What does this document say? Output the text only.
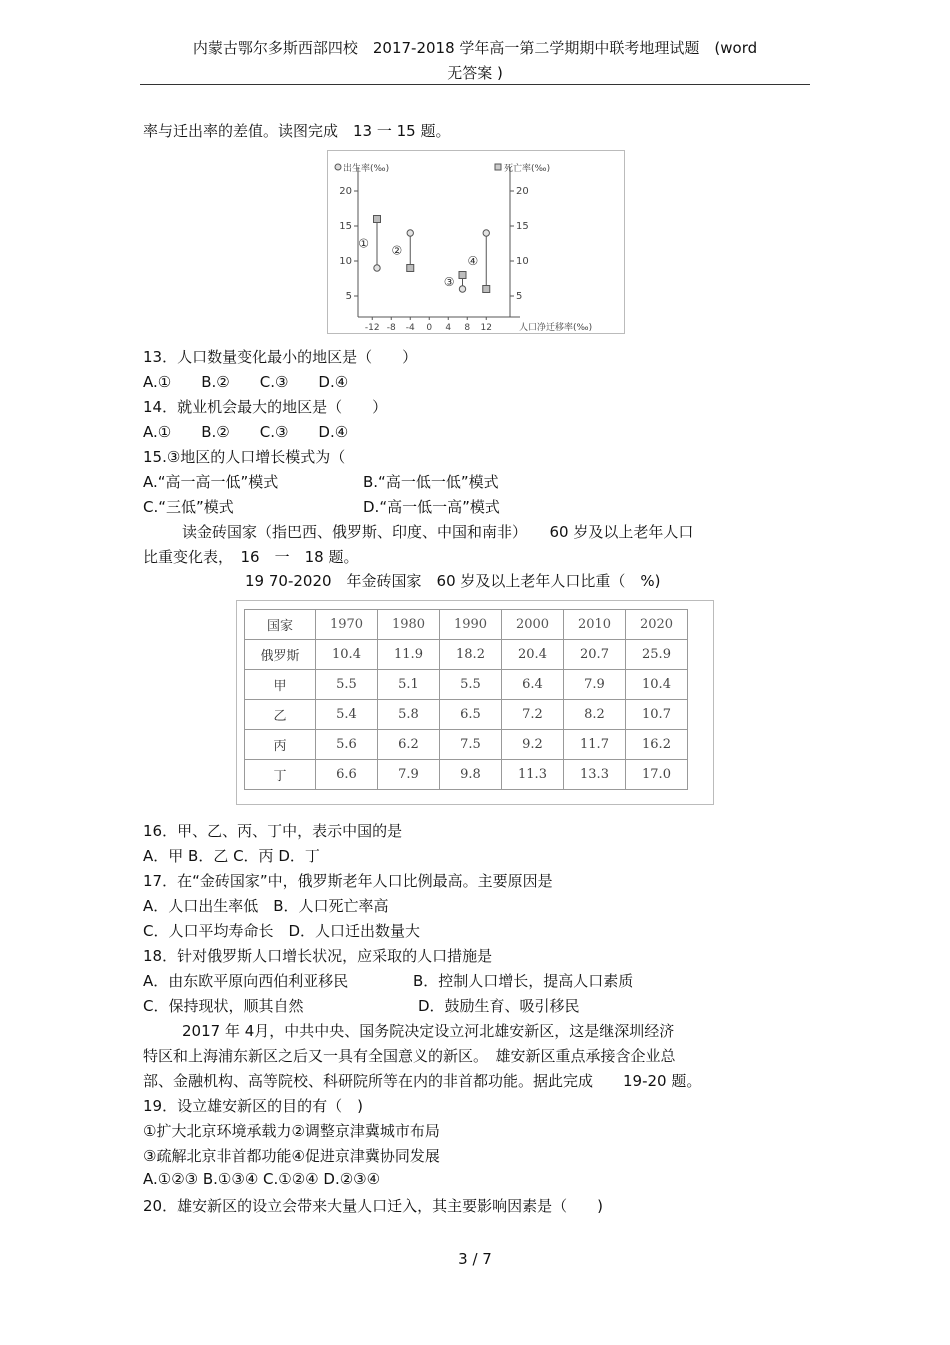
内蒙古鄂尔多斯西部四校　2017-2018 学年高一第二学期期中联考地理试题　(word
无答案 )
率与迁出率的差值。读图完成　13 一 15 题。
出生率(‰)	死亡率(‰)
5	5
10	10
15	15
20	20
-12 -8 -4 0 4 8 12	人口净迁移率(‰)
① ②
③
④
13．人口数量变化最小的地区是（　　）
A.①　　B.②　　C.③　　D.④
14．就业机会最大的地区是（　　）
A.①　　B.②　　C.③　　D.④
15.③地区的人口增长模式为（
A.“高一高一低”模式	B.“高一低一低”模式
C.“三低”模式	D.“高一低一高”模式
读金砖国家（指巴西、俄罗斯、印度、中国和南非）　　60 岁及以上老年人口
比重变化表，　16　一　18 题。
19 70-2020　年金砖国家　60 岁及以上老年人口比重（　%)
国家	1970	1980	1990	2000	2010	2020
俄罗斯	10.4	11.9	18.2	20.4	20.7	25.9
甲	5.5	5.1	5.5	6.4	7.9	10.4
乙	5.4	5.8	6.5	7.2	8.2	10.7
丙	5.6	6.2	7.5	9.2	11.7	16.2
丁	6.6	7.9	9.8	11.3	13.3	17.0
16．甲、乙、丙、丁中，表示中国的是
A．甲 B．乙 C．丙 D．丁
17．在“金砖国家”中，俄罗斯老年人口比例最高。主要原因是
A．人口出生率低　B．人口死亡率高
C．人口平均寿命长　D．人口迁出数量大
18．针对俄罗斯人口增长状况，应采取的人口措施是
A．由东欧平原向西伯利亚移民	B．控制人口增长，提高人口素质
C．保持现状，顺其自然	D．鼓励生育、吸引移民
2017 年 4月，中共中央、国务院决定设立河北雄安新区，这是继深圳经济
特区和上海浦东新区之后又一具有全国意义的新区。　雄安新区重点承接含企业总
部、金融机构、高等院校、科研院所等在内的非首都功能。据此完成　　19-20 题。
19．设立雄安新区的目的有（　)
①扩大北京环境承载力②调整京津冀城市布局
③疏解北京非首都功能④促进京津冀协同发展
A.①②③ B.①③④ C.①②④ D.②③④
20．雄安新区的设立会带来大量人口迁入，其主要影响因素是（　　)
3 / 7
